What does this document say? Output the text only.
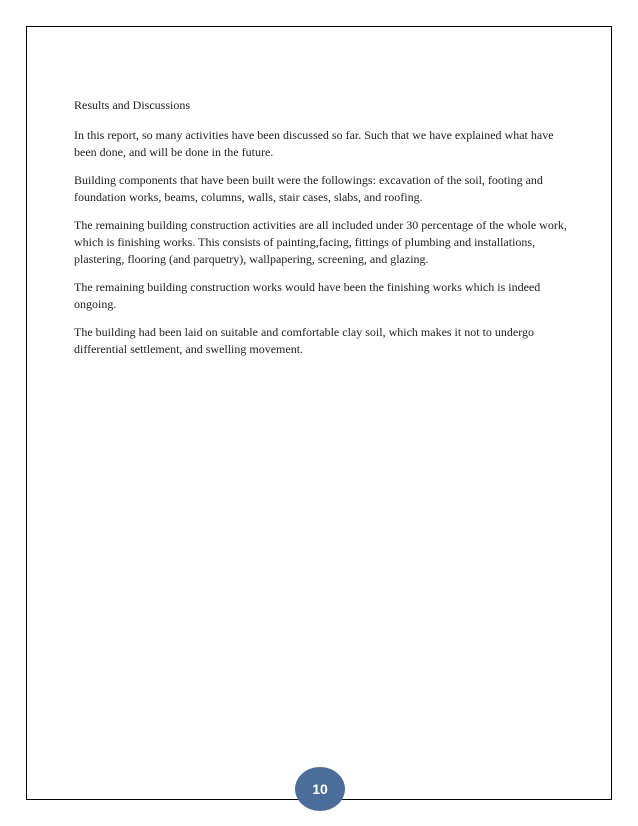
Results and Discussions

In this report, so many activities have been discussed so far. Such that we have explained what have been done, and will be done in the future.

Building components that have been built were the followings: excavation of the soil, footing and foundation works, beams, columns, walls, stair cases, slabs, and roofing.

The remaining building construction activities are all included under 30 percentage of the whole work, which is finishing works. This consists of painting,facing, fittings of plumbing and installations, plastering, flooring (and parquetry), wallpapering, screening, and glazing.

The remaining building construction works would have been the finishing works which is indeed ongoing.

The building had been laid on suitable and comfortable clay soil, which makes it not to undergo differential settlement, and swelling movement.

10
